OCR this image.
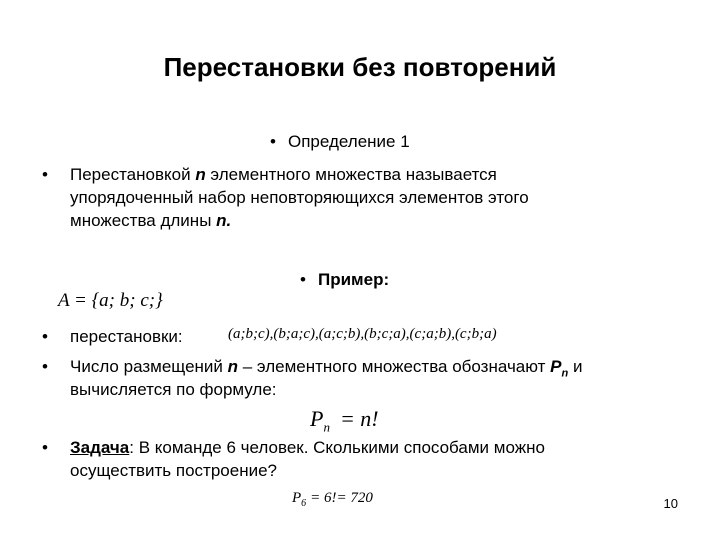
Перестановки без повторений
• Определение 1
• Перестановкой n элементного множества называется
упорядоченный набор неповторяющихся элементов этого
множества длины n.
• Пример:
A = {a; b; c;}
• перестановки:	(a;b;c),(b;a;c),(a;c;b),(b;c;a),(c;a;b),(c;b;a)
• Число размещений n – элементного множества обозначают $P_n$ и
вычисляется по формуле:
$P_n = n$!
• Задача: В команде 6 человек. Сколькими способами можно
осуществить построение?
$P_6 = 6!= 720$	10
